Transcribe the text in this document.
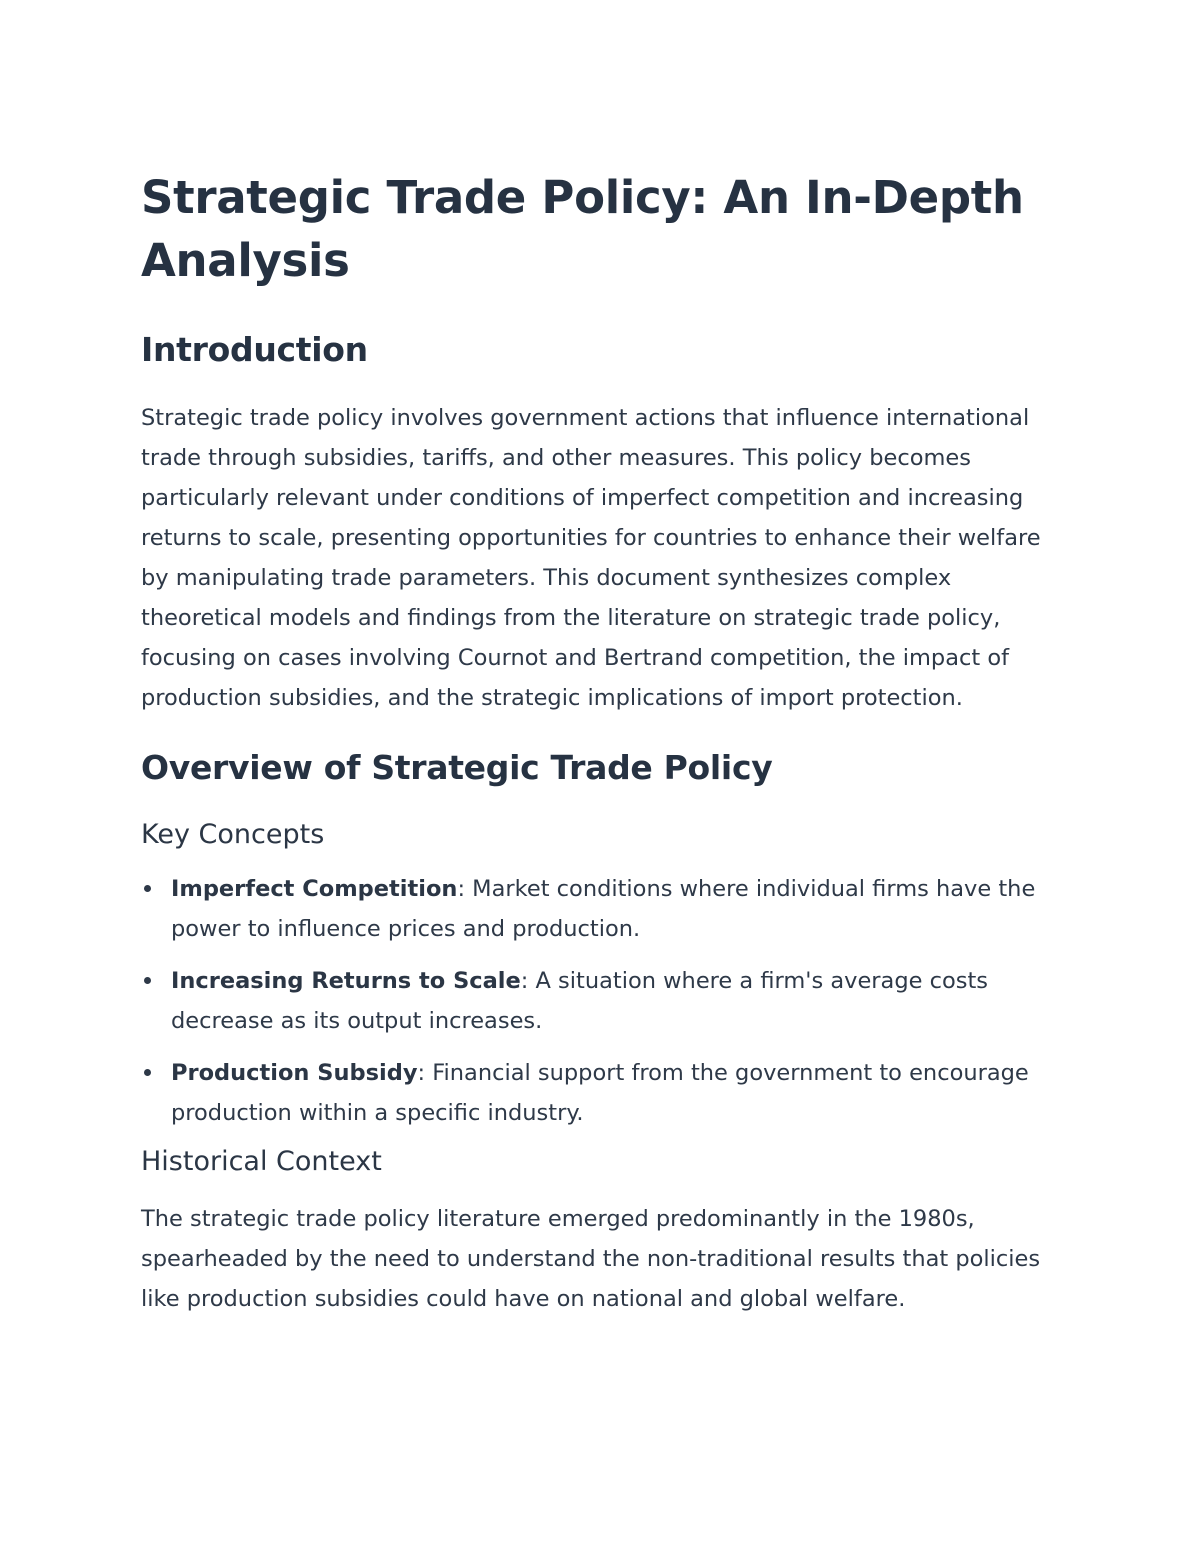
Strategic Trade Policy: An In-Depth Analysis
Introduction

Strategic trade policy involves government actions that influence international trade through subsidies, tariffs, and other measures. This policy becomes particularly relevant under conditions of imperfect competition and increasing returns to scale, presenting opportunities for countries to enhance their welfare by manipulating trade parameters. This document synthesizes complex theoretical models and findings from the literature on strategic trade policy, focusing on cases involving Cournot and Bertrand competition, the impact of production subsidies, and the strategic implications of import protection.

Overview of Strategic Trade Policy
Key Concepts
Imperfect Competition: Market conditions where individual firms have the power to influence prices and production.
Increasing Returns to Scale: A situation where a firm's average costs decrease as its output increases.
Production Subsidy: Financial support from the government to encourage production within a specific industry.
Historical Context

The strategic trade policy literature emerged predominantly in the 1980s, spearheaded by the need to understand the non-traditional results that policies like production subsidies could have on national and global welfare.
